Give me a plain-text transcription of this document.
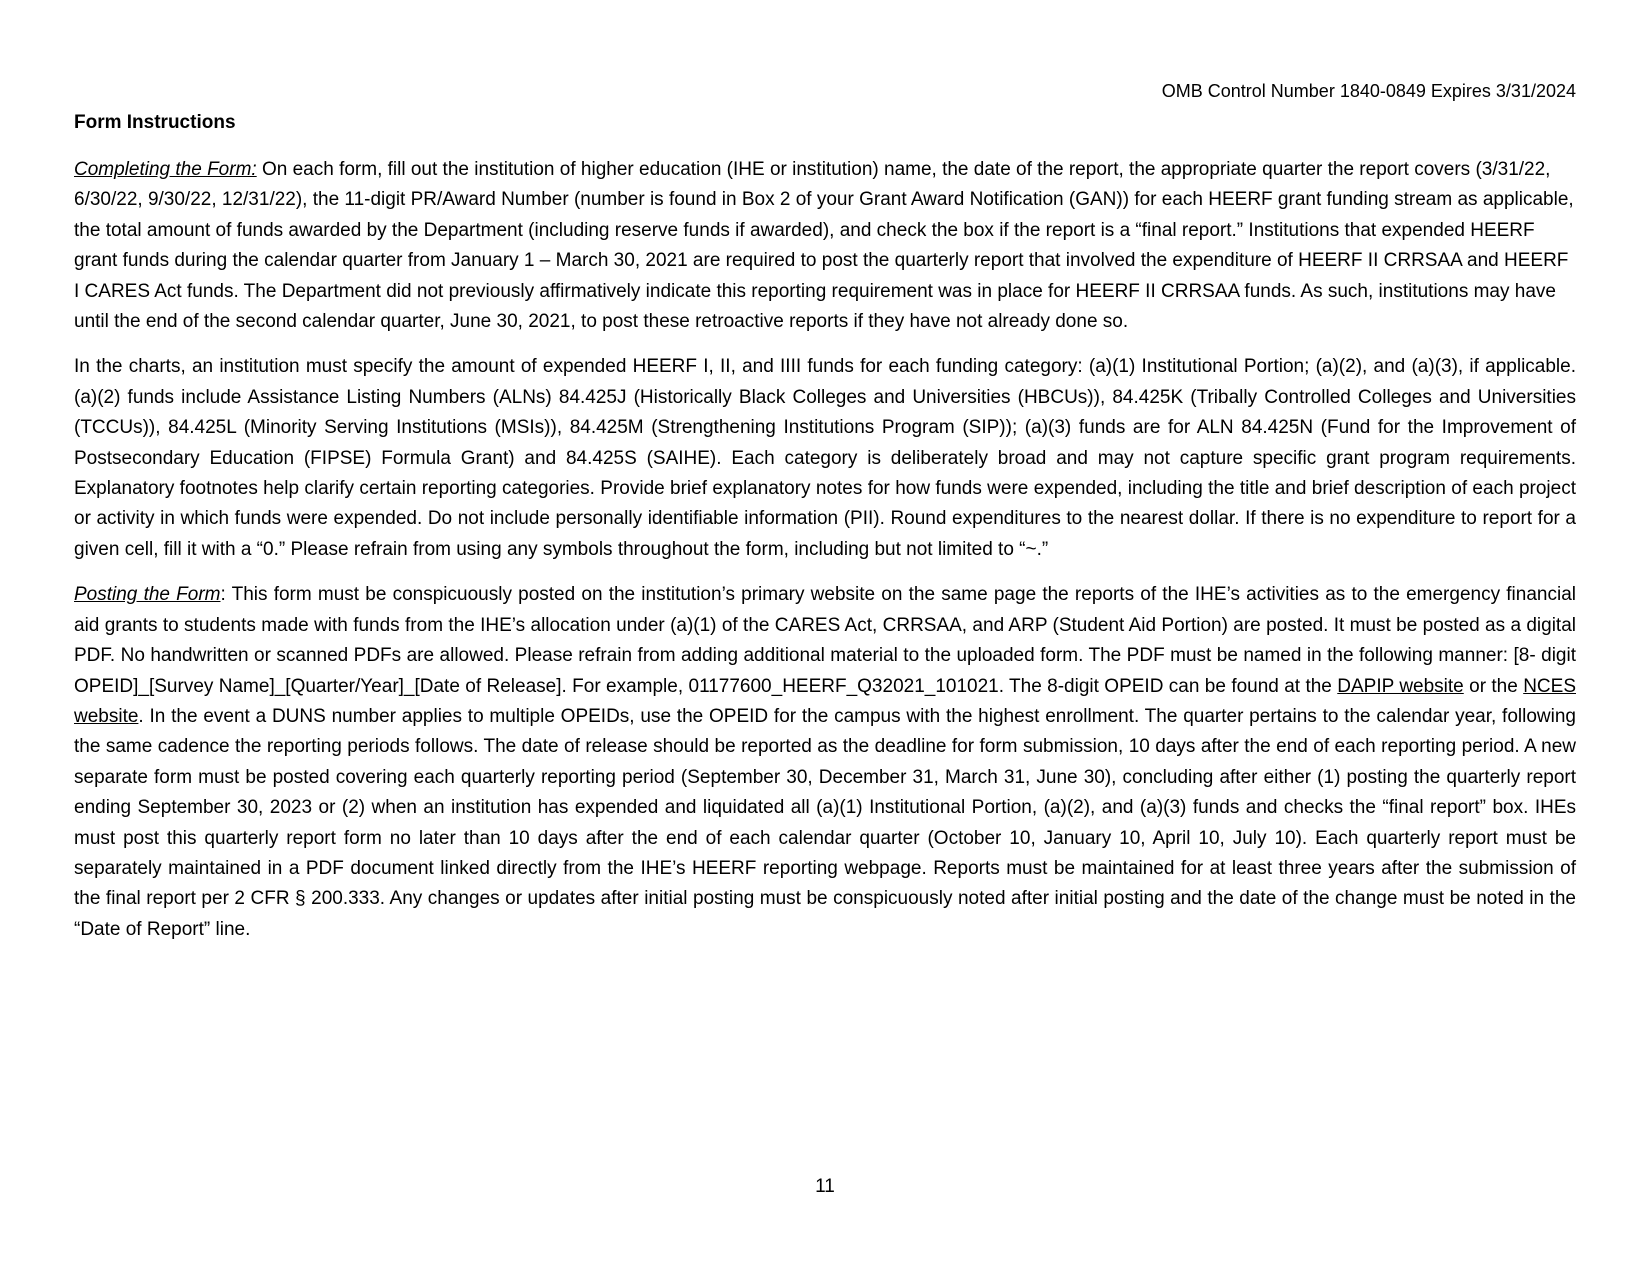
OMB Control Number 1840-0849 Expires 3/31/2024
Form Instructions

Completing the Form: On each form, fill out the institution of higher education (IHE or institution) name, the date of the report, the appropriate quarter the report covers (3/31/22, 6/30/22, 9/30/22, 12/31/22), the 11-digit PR/Award Number (number is found in Box 2 of your Grant Award Notification (GAN)) for each HEERF grant funding stream as applicable, the total amount of funds awarded by the Department (including reserve funds if awarded), and check the box if the report is a “final report.” Institutions that expended HEERF grant funds during the calendar quarter from January 1 – March 30, 2021 are required to post the quarterly report that involved the expenditure of HEERF II CRRSAA and HEERF I CARES Act funds. The Department did not previously affirmatively indicate this reporting requirement was in place for HEERF II CRRSAA funds. As such, institutions may have until the end of the second calendar quarter, June 30, 2021, to post these retroactive reports if they have not already done so.

In the charts, an institution must specify the amount of expended HEERF I, II, and IIII funds for each funding category: (a)(1) Institutional Portion; (a)(2), and (a)(3), if applicable. (a)(2) funds include Assistance Listing Numbers (ALNs) 84.425J (Historically Black Colleges and Universities (HBCUs)), 84.425K (Tribally Controlled Colleges and Universities (TCCUs)), 84.425L (Minority Serving Institutions (MSIs)), 84.425M (Strengthening Institutions Program (SIP)); (a)(3) funds are for ALN 84.425N (Fund for the Improvement of Postsecondary Education (FIPSE) Formula Grant) and 84.425S (SAIHE). Each category is deliberately broad and may not capture specific grant program requirements. Explanatory footnotes help clarify certain reporting categories. Provide brief explanatory notes for how funds were expended, including the title and brief description of each project or activity in which funds were expended. Do not include personally identifiable information (PII). Round expenditures to the nearest dollar. If there is no expenditure to report for a given cell, fill it with a “0.” Please refrain from using any symbols throughout the form, including but not limited to “~.”

Posting the Form: This form must be conspicuously posted on the institution’s primary website on the same page the reports of the IHE’s activities as to the emergency financial aid grants to students made with funds from the IHE’s allocation under (a)(1) of the CARES Act, CRRSAA, and ARP (Student Aid Portion) are posted. It must be posted as a digital PDF. No handwritten or scanned PDFs are allowed. Please refrain from adding additional material to the uploaded form. The PDF must be named in the following manner: [8- digit OPEID]_[Survey Name]_[Quarter/Year]_[Date of Release]. For example, 01177600_HEERF_Q32021_101021. The 8-digit OPEID can be found at the DAPIP website or the NCES website. In the event a DUNS number applies to multiple OPEIDs, use the OPEID for the campus with the highest enrollment. The quarter pertains to the calendar year, following the same cadence the reporting periods follows. The date of release should be reported as the deadline for form submission, 10 days after the end of each reporting period. A new separate form must be posted covering each quarterly reporting period (September 30, December 31, March 31, June 30), concluding after either (1) posting the quarterly report ending September 30, 2023 or (2) when an institution has expended and liquidated all (a)(1) Institutional Portion, (a)(2), and (a)(3) funds and checks the “final report” box. IHEs must post this quarterly report form no later than 10 days after the end of each calendar quarter (October 10, January 10, April 10, July 10). Each quarterly report must be separately maintained in a PDF document linked directly from the IHE’s HEERF reporting webpage. Reports must be maintained for at least three years after the submission of the final report per 2 CFR § 200.333. Any changes or updates after initial posting must be conspicuously noted after initial posting and the date of the change must be noted in the “Date of Report” line.

11
